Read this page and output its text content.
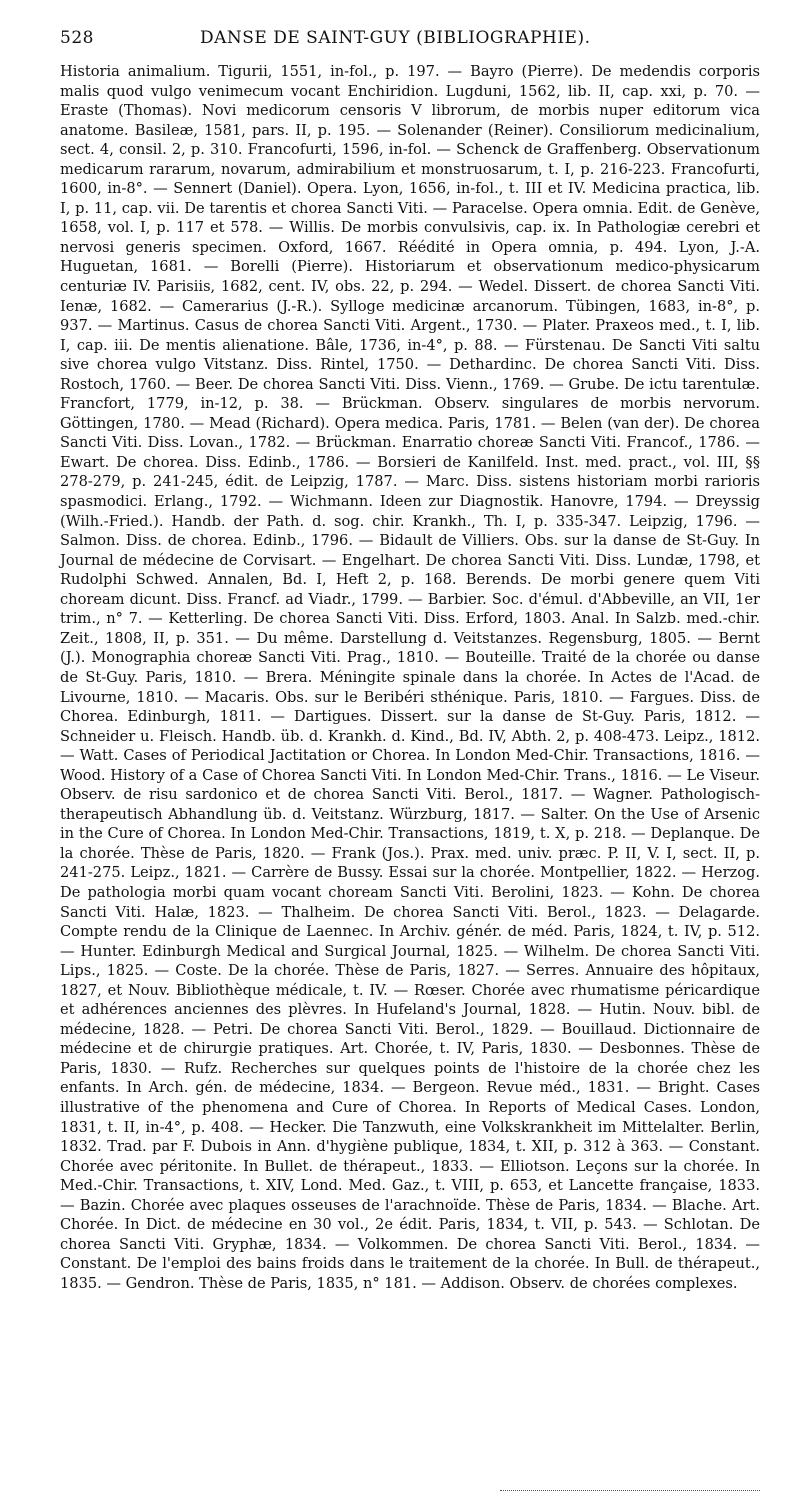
528	DANSE DE SAINT-GUY (BIBLIOGRAPHIE).
Historia animalium. Tigurii, 1551, in-fol., p. 197. — Bayro (Pierre). De medendis corporis malis quod vulgo venimecum vocant Enchiridion. Lugduni, 1562, lib. II, cap. xxi, p. 70. — Eraste (Thomas). Novi medicorum censoris V librorum, de morbis nuper editorum vica anatome. Basileæ, 1581, pars. II, p. 195. — Solenander (Reiner). Consiliorum medicinalium, sect. 4, consil. 2, p. 310. Francofurti, 1596, in-fol. — Schenck de Graffenberg. Observationum medicarum rararum, novarum, admirabilium et monstruosarum, t. I, p. 216-223. Francofurti, 1600, in-8°. — Sennert (Daniel). Opera. Lyon, 1656, in-fol., t. III et IV. Medicina practica, lib. I, p. 11, cap. vii. De tarentis et chorea Sancti Viti. — Paracelse. Opera omnia. Edit. de Genève, 1658, vol. I, p. 117 et 578. — Willis. De morbis convulsivis, cap. ix. In Pathologiæ cerebri et nervosi generis specimen. Oxford, 1667. Réédité in Opera omnia, p. 494. Lyon, J.-A. Huguetan, 1681. — Borelli (Pierre). Historiarum et observationum medico-physicarum centuriæ IV. Parisiis, 1682, cent. IV, obs. 22, p. 294. — Wedel. Dissert. de chorea Sancti Viti. Ienæ, 1682. — Camerarius (J.-R.). Sylloge medicinæ arcanorum. Tübingen, 1683, in-8°, p. 937. — Martinus. Casus de chorea Sancti Viti. Argent., 1730. — Plater. Praxeos med., t. I, lib. I, cap. iii. De mentis alienatione. Bâle, 1736, in-4°, p. 88. — Fürstenau. De Sancti Viti saltu sive chorea vulgo Vitstanz. Diss. Rintel, 1750. — Dethardinc. De chorea Sancti Viti. Diss. Rostoch, 1760. — Beer. De chorea Sancti Viti. Diss. Vienn., 1769. — Grube. De ictu tarentulæ. Francfort, 1779, in-12, p. 38. — Brückman. Observ. singulares de morbis nervorum. Göttingen, 1780. — Mead (Richard). Opera medica. Paris, 1781. — Belen (van der). De chorea Sancti Viti. Diss. Lovan., 1782. — Brückman. Enarratio choreæ Sancti Viti. Francof., 1786. — Ewart. De chorea. Diss. Edinb., 1786. — Borsieri de Kanilfeld. Inst. med. pract., vol. III, §§ 278-279, p. 241-245, édit. de Leipzig, 1787. — Marc. Diss. sistens historiam morbi rarioris spasmodici. Erlang., 1792. — Wichmann. Ideen zur Diagnostik. Hanovre, 1794. — Dreyssig (Wilh.-Fried.). Handb. der Path. d. sog. chir. Krankh., Th. I, p. 335-347. Leipzig, 1796. — Salmon. Diss. de chorea. Edinb., 1796. — Bidault de Villiers. Obs. sur la danse de St-Guy. In Journal de médecine de Corvisart. — Engelhart. De chorea Sancti Viti. Diss. Lundæ, 1798, et Rudolphi Schwed. Annalen, Bd. I, Heft 2, p. 168. Berends. De morbi genere quem Viti choream dicunt. Diss. Francf. ad Viadr., 1799. — Barbier. Soc. d'émul. d'Abbeville, an VII, 1er trim., n° 7. — Ketterling. De chorea Sancti Viti. Diss. Erford, 1803. Anal. In Salzb. med.-chir. Zeit., 1808, II, p. 351. — Du même. Darstellung d. Veitstanzes. Regensburg, 1805. — Bernt (J.). Monographia choreæ Sancti Viti. Prag., 1810. — Bouteille. Traité de la chorée ou danse de St-Guy. Paris, 1810. — Brera. Méningite spinale dans la chorée. In Actes de l'Acad. de Livourne, 1810. — Macaris. Obs. sur le Beribéri sthénique. Paris, 1810. — Fargues. Diss. de Chorea. Edinburgh, 1811. — Dartigues. Dissert. sur la danse de St-Guy. Paris, 1812. — Schneider u. Fleisch. Handb. üb. d. Krankh. d. Kind., Bd. IV, Abth. 2, p. 408-473. Leipz., 1812. — Watt. Cases of Periodical Jactitation or Chorea. In London Med-Chir. Transactions, 1816. — Wood. History of a Case of Chorea Sancti Viti. In London Med-Chir. Trans., 1816. — Le Viseur. Observ. de risu sardonico et de chorea Sancti Viti. Berol., 1817. — Wagner. Pathologisch-therapeutisch Abhandlung üb. d. Veitstanz. Würzburg, 1817. — Salter. On the Use of Arsenic in the Cure of Chorea. In London Med-Chir. Transactions, 1819, t. X, p. 218. — Deplanque. De la chorée. Thèse de Paris, 1820. — Frank (Jos.). Prax. med. univ. præc. P. II, V. I, sect. II, p. 241-275. Leipz., 1821. — Carrère de Bussy. Essai sur la chorée. Montpellier, 1822. — Herzog. De pathologia morbi quam vocant choream Sancti Viti. Berolini, 1823. — Kohn. De chorea Sancti Viti. Halæ, 1823. — Thalheim. De chorea Sancti Viti. Berol., 1823. — Delagarde. Compte rendu de la Clinique de Laennec. In Archiv. génér. de méd. Paris, 1824, t. IV, p. 512. — Hunter. Edinburgh Medical and Surgical Journal, 1825. — Wilhelm. De chorea Sancti Viti. Lips., 1825. — Coste. De la chorée. Thèse de Paris, 1827. — Serres. Annuaire des hôpitaux, 1827, et Nouv. Bibliothèque médicale, t. IV. — Rœser. Chorée avec rhumatisme péricardique et adhérences anciennes des plèvres. In Hufeland's Journal, 1828. — Hutin. Nouv. bibl. de médecine, 1828. — Petri. De chorea Sancti Viti. Berol., 1829. — Bouillaud. Dictionnaire de médecine et de chirurgie pratiques. Art. Chorée, t. IV, Paris, 1830. — Desbonnes. Thèse de Paris, 1830. — Rufz. Recherches sur quelques points de l'histoire de la chorée chez les enfants. In Arch. gén. de médecine, 1834. — Bergeon. Revue méd., 1831. — Bright. Cases illustrative of the phenomena and Cure of Chorea. In Reports of Medical Cases. London, 1831, t. II, in-4°, p. 408. — Hecker. Die Tanzwuth, eine Volkskrankheit im Mittelalter. Berlin, 1832. Trad. par F. Dubois in Ann. d'hygiène publique, 1834, t. XII, p. 312 à 363. — Constant. Chorée avec péritonite. In Bullet. de thérapeut., 1833. — Elliotson. Leçons sur la chorée. In Med.-Chir. Transactions, t. XIV, Lond. Med. Gaz., t. VIII, p. 653, et Lancette française, 1833. — Bazin. Chorée avec plaques osseuses de l'arachnoïde. Thèse de Paris, 1834. — Blache. Art. Chorée. In Dict. de médecine en 30 vol., 2e édit. Paris, 1834, t. VII, p. 543. — Schlotan. De chorea Sancti Viti. Gryphæ, 1834. — Volkommen. De chorea Sancti Viti. Berol., 1834. — Constant. De l'emploi des bains froids dans le traitement de la chorée. In Bull. de thérapeut., 1835. — Gendron. Thèse de Paris, 1835, n° 181. — Addison. Observ. de chorées complexes.
